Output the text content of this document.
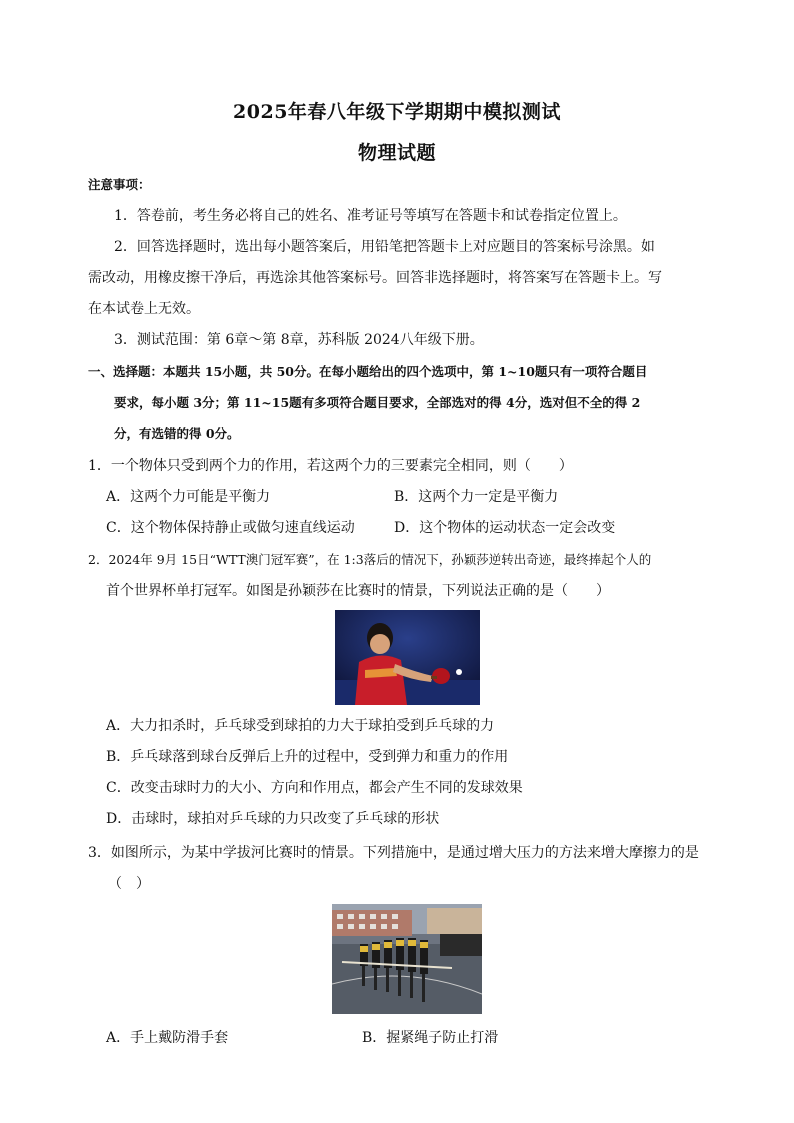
2025年春八年级下学期期中模拟测试
物理试题
注意事项：
1．答卷前，考生务必将自己的姓名、准考证号等填写在答题卡和试卷指定位置上。
2．回答选择题时，选出每小题答案后，用铅笔把答题卡上对应题目的答案标号涂黑。如
需改动，用橡皮擦干净后，再选涂其他答案标号。回答非选择题时，将答案写在答题卡上。写
在本试卷上无效。
3．测试范围：第 6章～第 8章，苏科版 2024八年级下册。
一、选择题：本题共 15小题，共 50分。在每小题给出的四个选项中，第 1~10题只有一项符合题目
要求，每小题 3分；第 11~15题有多项符合题目要求，全部选对的得 4分，选对但不全的得 2
分，有选错的得 0分。
1．一个物体只受到两个力的作用，若这两个力的三要素完全相同，则（　　）
A．这两个力可能是平衡力	B．这两个力一定是平衡力
C．这个物体保持静止或做匀速直线运动	D．这个物体的运动状态一定会改变
2．2024年 9月 15日“WTT澳门冠军赛”，在 1:3落后的情况下，孙颖莎逆转出奇迹，最终捧起个人的
首个世界杯单打冠军。如图是孙颖莎在比赛时的情景，下列说法正确的是（　　）
A．大力扣杀时，乒乓球受到球拍的力大于球拍受到乒乓球的力
B．乒乓球落到球台反弹后上升的过程中，受到弹力和重力的作用
C．改变击球时力的大小、方向和作用点，都会产生不同的发球效果
D．击球时，球拍对乒乓球的力只改变了乒乓球的形状
3．如图所示，为某中学拔河比赛时的情景。下列措施中，是通过增大压力的方法来增大摩擦力的是
（　）
A．手上戴防滑手套	B．握紧绳子防止打滑
